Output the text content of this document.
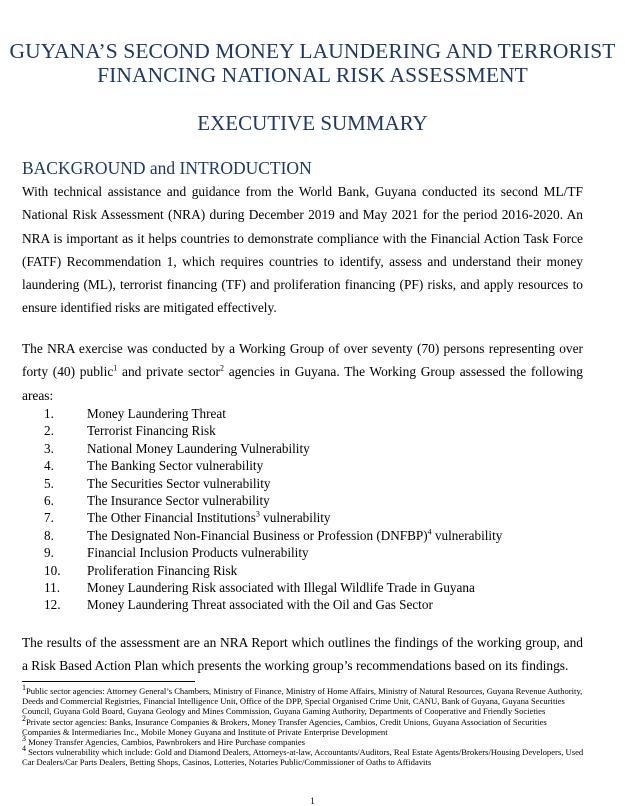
GUYANA’S SECOND MONEY LAUNDERING AND TERRORIST
FINANCING NATIONAL RISK ASSESSMENT
EXECUTIVE SUMMARY
BACKGROUND and INTRODUCTION
With technical assistance and guidance from the World Bank, Guyana conducted its second ML/TF National Risk Assessment (NRA) during December 2019 and May 2021 for the period 2016-2020. An NRA is important as it helps countries to demonstrate compliance with the Financial Action Task Force (FATF) Recommendation 1, which requires countries to identify, assess and understand their money laundering (ML), terrorist financing (TF) and proliferation financing (PF) risks, and apply resources to ensure identified risks are mitigated effectively.
The NRA exercise was conducted by a Working Group of over seventy (70) persons representing over forty (40) public$^1$ and private sector$^2$ agencies in Guyana. The Working Group assessed the following areas:
1.	Money Laundering Threat
2.	Terrorist Financing Risk
3.	National Money Laundering Vulnerability
4.	The Banking Sector vulnerability
5.	The Securities Sector vulnerability
6.	The Insurance Sector vulnerability
7.	The Other Financial Institutions$^3$ vulnerability
8.	The Designated Non-Financial Business or Profession (DNFBP)$^4$ vulnerability
9.	Financial Inclusion Products vulnerability
10.	Proliferation Financing Risk
11.	Money Laundering Risk associated with Illegal Wildlife Trade in Guyana
12.	Money Laundering Threat associated with the Oil and Gas Sector
The results of the assessment are an NRA Report which outlines the findings of the working group, and a Risk Based Action Plan which presents the working group’s recommendations based on its findings.

$^1$Public sector agencies: Attorney General’s Chambers, Ministry of Finance, Ministry of Home Affairs, Ministry of Natural Resources, Guyana Revenue Authority, Deeds and Commercial Registries, Financial Intelligence Unit, Office of the DPP, Special Organised Crime Unit, CANU, Bank of Guyana, Guyana Securities Council, Guyana Gold Board, Guyana Geology and Mines Commission, Guyana Gaming Authority, Departments of Cooperative and Friendly Societies

$^2$Private sector agencies: Banks, Insurance Companies & Brokers, Money Transfer Agencies, Cambios, Credit Unions, Guyana Association of Securities Companies & Intermediaries Inc., Mobile Money Guyana and Institute of Private Enterprise Development

$^3$ Money Transfer Agencies, Cambios, Pawnbrokers and Hire Purchase companies

$^4$ Sectors vulnerability which include: Gold and Diamond Dealers, Attorneys-at-law, Accountants/Auditors, Real Estate Agents/Brokers/Housing Developers, Used Car Dealers/Car Parts Dealers, Betting Shops, Casinos, Lotteries, Notaries Public/Commissioner of Oaths to Affidavits

1
